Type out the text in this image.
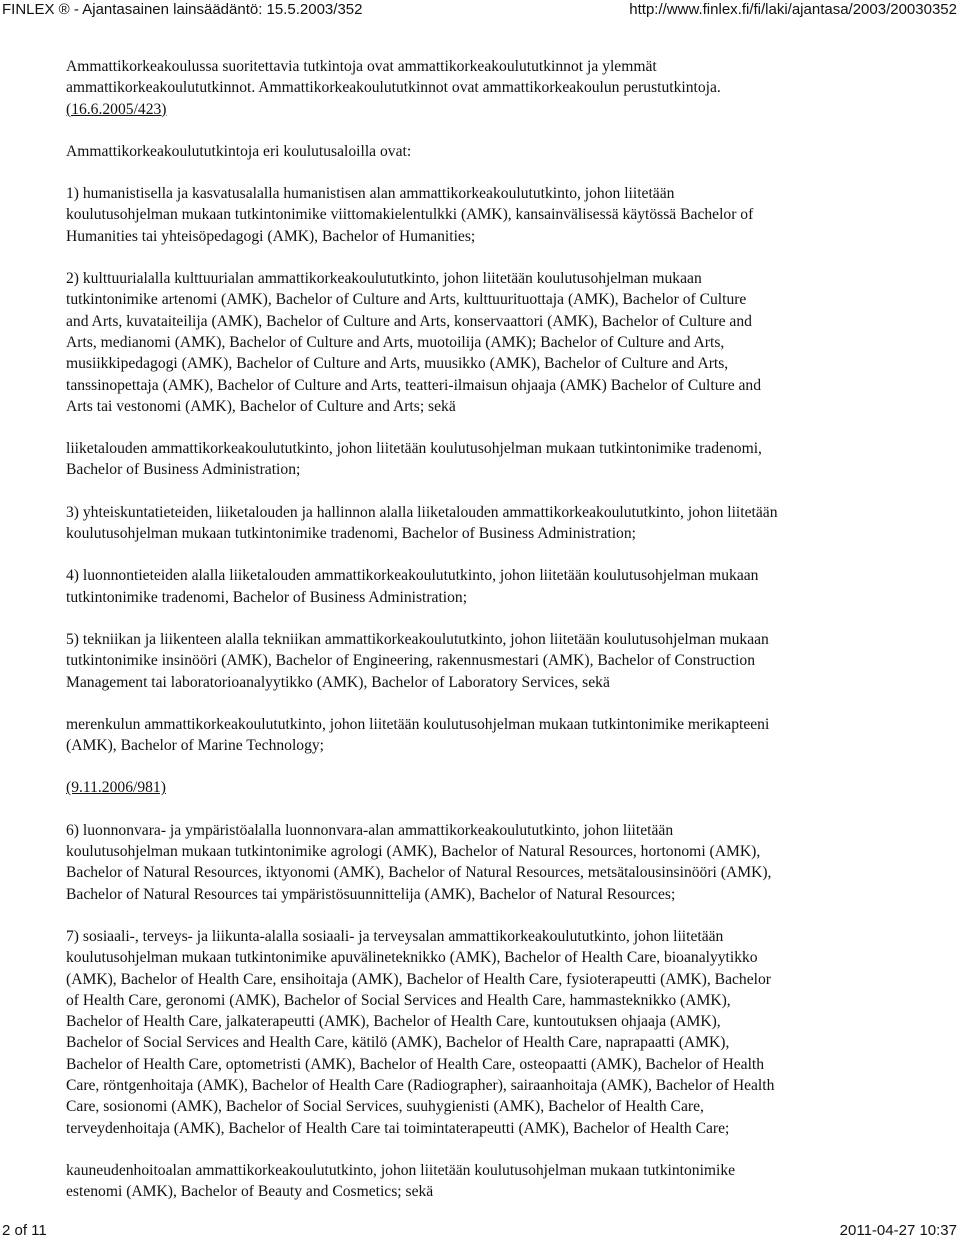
FINLEX ® - Ajantasainen lainsäädäntö: 15.5.2003/352	http://www.finlex.fi/fi/laki/ajantasa/2003/20030352
Ammattikorkeakoulussa suoritettavia tutkintoja ovat ammattikorkeakoulututkinnot ja ylemmät
ammattikorkeakoulututkinnot. Ammattikorkeakoulututkinnot ovat ammattikorkeakoulun perustutkintoja.
(16.6.2005/423)
Ammattikorkeakoulututkintoja eri koulutusaloilla ovat:
1) humanistisella ja kasvatusalalla humanistisen alan ammattikorkeakoulututkinto, johon liitetään
koulutusohjelman mukaan tutkintonimike viittomakielentulkki (AMK), kansainvälisessä käytössä Bachelor of
Humanities tai yhteisöpedagogi (AMK), Bachelor of Humanities;
2) kulttuurialalla kulttuurialan ammattikorkeakoulututkinto, johon liitetään koulutusohjelman mukaan
tutkintonimike artenomi (AMK), Bachelor of Culture and Arts, kulttuurituottaja (AMK), Bachelor of Culture
and Arts, kuvataiteilija (AMK), Bachelor of Culture and Arts, konservaattori (AMK), Bachelor of Culture and
Arts, medianomi (AMK), Bachelor of Culture and Arts, muotoilija (AMK); Bachelor of Culture and Arts,
musiikkipedagogi (AMK), Bachelor of Culture and Arts, muusikko (AMK), Bachelor of Culture and Arts,
tanssinopettaja (AMK), Bachelor of Culture and Arts, teatteri-ilmaisun ohjaaja (AMK) Bachelor of Culture and
Arts tai vestonomi (AMK), Bachelor of Culture and Arts; sekä
liiketalouden ammattikorkeakoulututkinto, johon liitetään koulutusohjelman mukaan tutkintonimike tradenomi,
Bachelor of Business Administration;
3) yhteiskuntatieteiden, liiketalouden ja hallinnon alalla liiketalouden ammattikorkeakoulututkinto, johon liitetään
koulutusohjelman mukaan tutkintonimike tradenomi, Bachelor of Business Administration;
4) luonnontieteiden alalla liiketalouden ammattikorkeakoulututkinto, johon liitetään koulutusohjelman mukaan
tutkintonimike tradenomi, Bachelor of Business Administration;
5) tekniikan ja liikenteen alalla tekniikan ammattikorkeakoulututkinto, johon liitetään koulutusohjelman mukaan
tutkintonimike insinööri (AMK), Bachelor of Engineering, rakennusmestari (AMK), Bachelor of Construction
Management tai laboratorioanalyytikko (AMK), Bachelor of Laboratory Services, sekä
merenkulun ammattikorkeakoulututkinto, johon liitetään koulutusohjelman mukaan tutkintonimike merikapteeni
(AMK), Bachelor of Marine Technology;
(9.11.2006/981)
6) luonnonvara- ja ympäristöalalla luonnonvara-alan ammattikorkeakoulututkinto, johon liitetään
koulutusohjelman mukaan tutkintonimike agrologi (AMK), Bachelor of Natural Resources, hortonomi (AMK),
Bachelor of Natural Resources, iktyonomi (AMK), Bachelor of Natural Resources, metsätalousinsinööri (AMK),
Bachelor of Natural Resources tai ympäristösuunnittelija (AMK), Bachelor of Natural Resources;
7) sosiaali-, terveys- ja liikunta-alalla sosiaali- ja terveysalan ammattikorkeakoulututkinto, johon liitetään
koulutusohjelman mukaan tutkintonimike apuvälineteknikko (AMK), Bachelor of Health Care, bioanalyytikko
(AMK), Bachelor of Health Care, ensihoitaja (AMK), Bachelor of Health Care, fysioterapeutti (AMK), Bachelor
of Health Care, geronomi (AMK), Bachelor of Social Services and Health Care, hammasteknikko (AMK),
Bachelor of Health Care, jalkaterapeutti (AMK), Bachelor of Health Care, kuntoutuksen ohjaaja (AMK),
Bachelor of Social Services and Health Care, kätilö (AMK), Bachelor of Health Care, naprapaatti (AMK),
Bachelor of Health Care, optometristi (AMK), Bachelor of Health Care, osteopaatti (AMK), Bachelor of Health
Care, röntgenhoitaja (AMK), Bachelor of Health Care (Radiographer), sairaanhoitaja (AMK), Bachelor of Health
Care, sosionomi (AMK), Bachelor of Social Services, suuhygienisti (AMK), Bachelor of Health Care,
terveydenhoitaja (AMK), Bachelor of Health Care tai toimintaterapeutti (AMK), Bachelor of Health Care;
kauneudenhoitoalan ammattikorkeakoulututkinto, johon liitetään koulutusohjelman mukaan tutkintonimike
estenomi (AMK), Bachelor of Beauty and Cosmetics; sekä
2 of 11	2011-04-27 10:37
